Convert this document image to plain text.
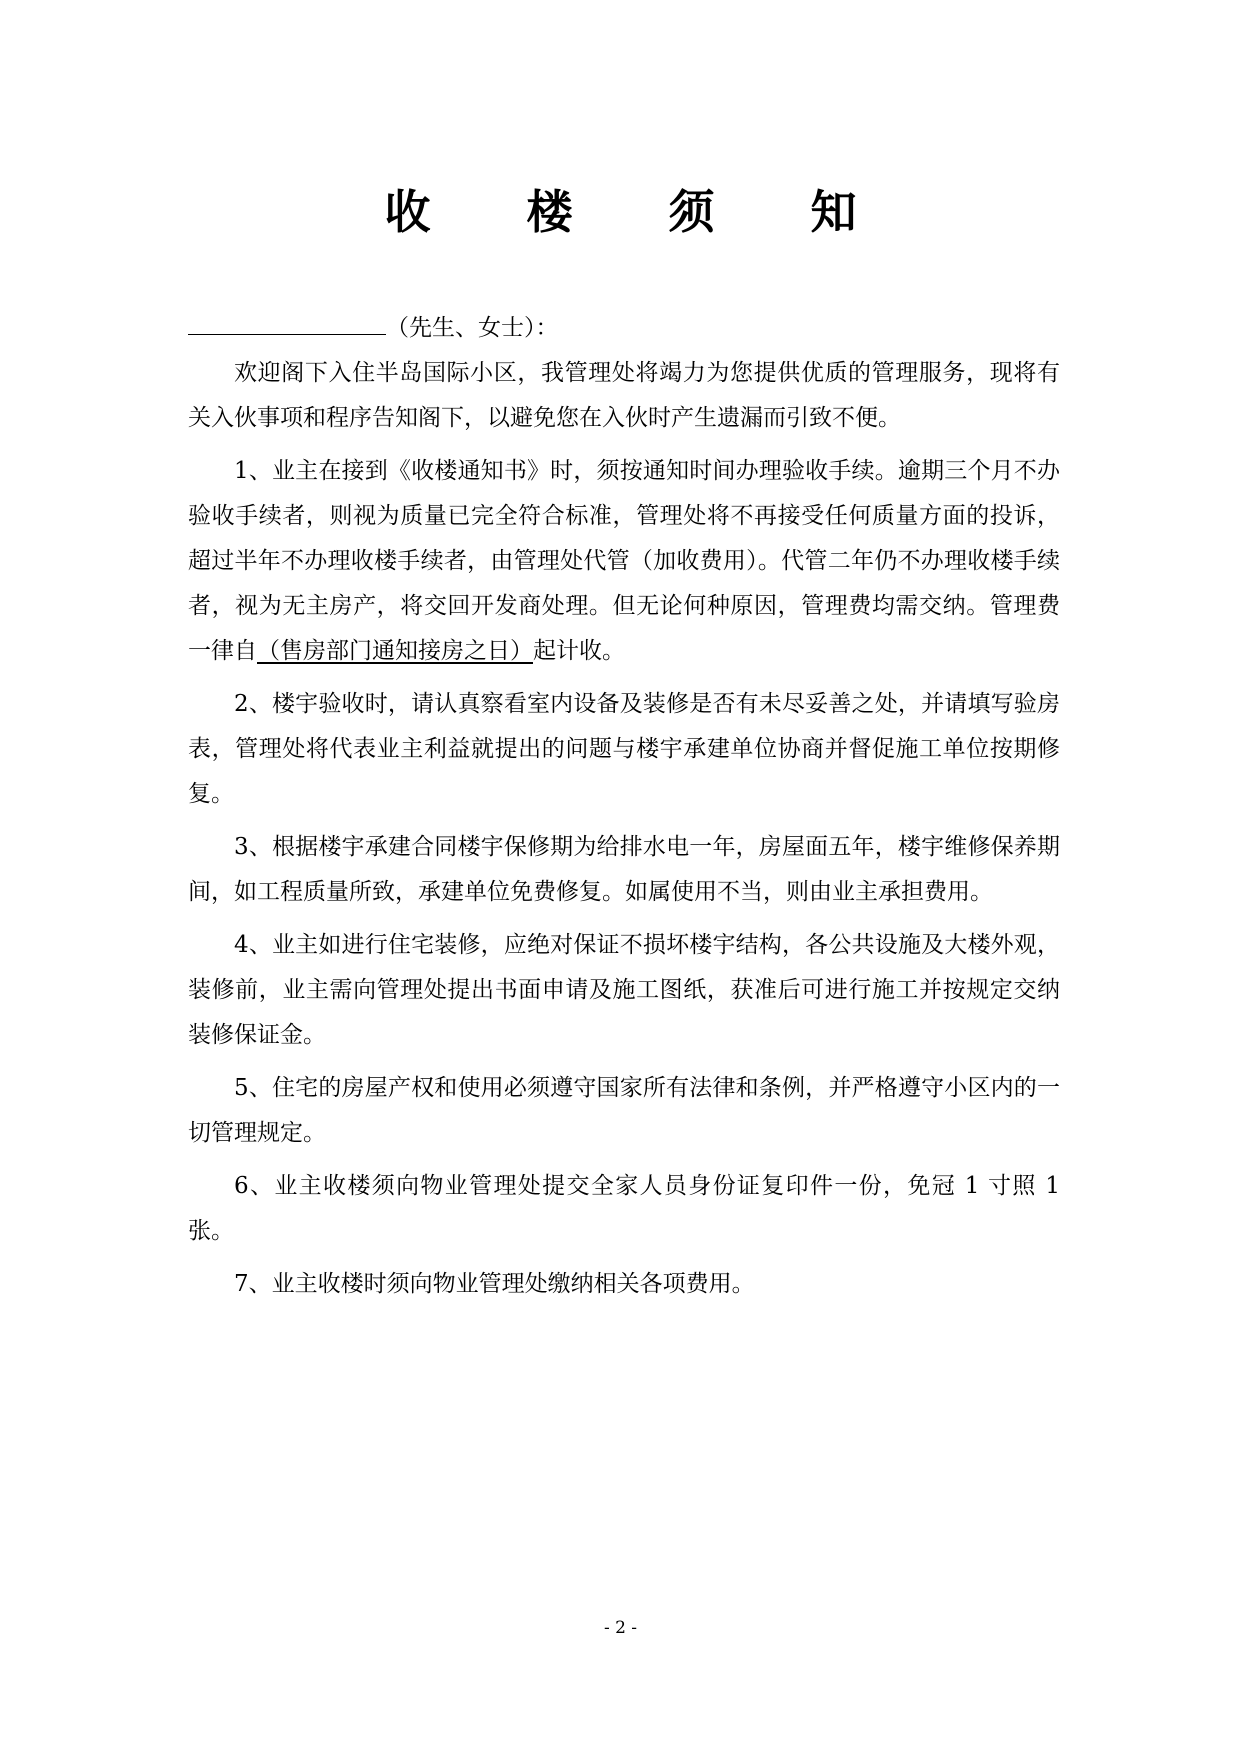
收 楼 须 知
（先生、女士）：

欢迎阁下入住半岛国际小区，我管理处将竭力为您提供优质的管理服务，现将有关入伙事项和程序告知阁下，以避免您在入伙时产生遗漏而引致不便。

1、业主在接到《收楼通知书》时，须按通知时间办理验收手续。逾期三个月不办验收手续者，则视为质量已完全符合标准，管理处将不再接受任何质量方面的投诉，超过半年不办理收楼手续者，由管理处代管（加收费用）。代管二年仍不办理收楼手续者，视为无主房产，将交回开发商处理。但无论何种原因，管理费均需交纳。管理费一律自（售房部门通知接房之日）起计收。

2、楼宇验收时，请认真察看室内设备及装修是否有未尽妥善之处，并请填写验房表，管理处将代表业主利益就提出的问题与楼宇承建单位协商并督促施工单位按期修复。

3、根据楼宇承建合同楼宇保修期为给排水电一年，房屋面五年，楼宇维修保养期间，如工程质量所致，承建单位免费修复。如属使用不当，则由业主承担费用。

4、业主如进行住宅装修，应绝对保证不损坏楼宇结构，各公共设施及大楼外观，装修前，业主需向管理处提出书面申请及施工图纸，获准后可进行施工并按规定交纳装修保证金。

5、住宅的房屋产权和使用必须遵守国家所有法律和条例，并严格遵守小区内的一切管理规定。

6、业主收楼须向物业管理处提交全家人员身份证复印件一份，免冠 1 寸照 1 张。

7、业主收楼时须向物业管理处缴纳相关各项费用。

- 2 -
